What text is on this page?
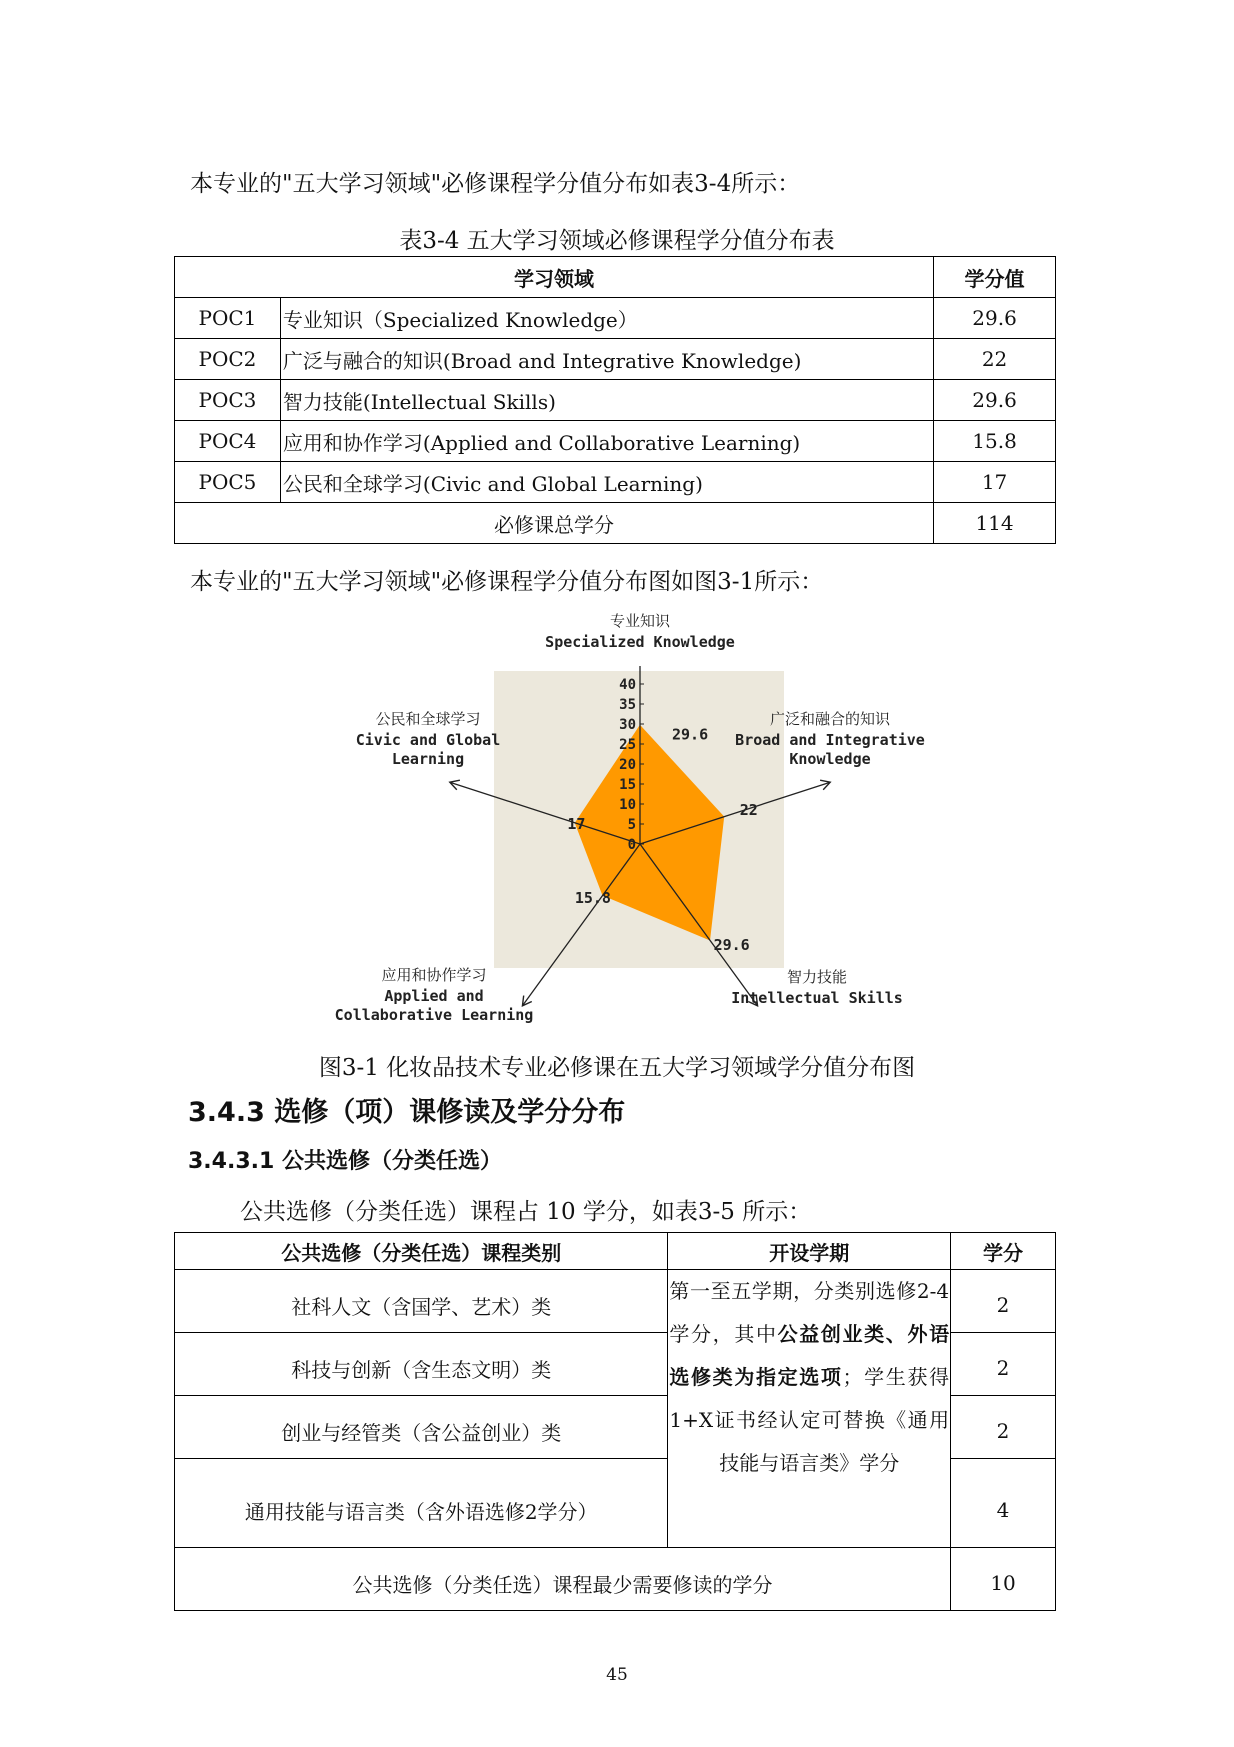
本专业的"五大学习领域"必修课程学分值分布如表3-4所示：
表3-4 五大学习领域必修课程学分值分布表
学习领域		学分值
POC1	专业知识（Specialized Knowledge）	29.6
POC2	广泛与融合的知识(Broad and Integrative Knowledge)	22
POC3	智力技能(Intellectual Skills)	29.6
POC4	应用和协作学习(Applied and Collaborative Learning)	15.8
POC5	公民和全球学习(Civic and Global Learning)	17
必修课总学分		114
本专业的"五大学习领域"必修课程学分值分布图如图3-1所示：
0
5
10
15
20
25
30
35
40
29.6
22
29.6
15.8
17
专业知识
Specialized Knowledge
广泛和融合的知识
Broad and Integrative
Knowledge
智力技能
Intellectual Skills
应用和协作学习
Applied and
Collaborative Learning
公民和全球学习
Civic and Global
Learning
图3-1 化妆品技术专业必修课在五大学习领域学分值分布图
3.4.3 选修（项）课修读及学分分布
3.4.3.1 公共选修（分类任选）
公共选修（分类任选）课程占 10 学分，如表3-5 所示：
公共选修（分类任选）课程类别	开设学期	学分
社科人文（含国学、艺术）类	第一至五学期，分类别选修2-4学分，其中公益创业类、外语选修类为指定选项；学生获得1+X证书经认定可替换《通用技能与语言类》学分	2
科技与创新（含生态文明）类		2
创业与经管类（含公益创业）类		2
通用技能与语言类（含外语选修2学分）		4
公共选修（分类任选）课程最少需要修读的学分		10
45
